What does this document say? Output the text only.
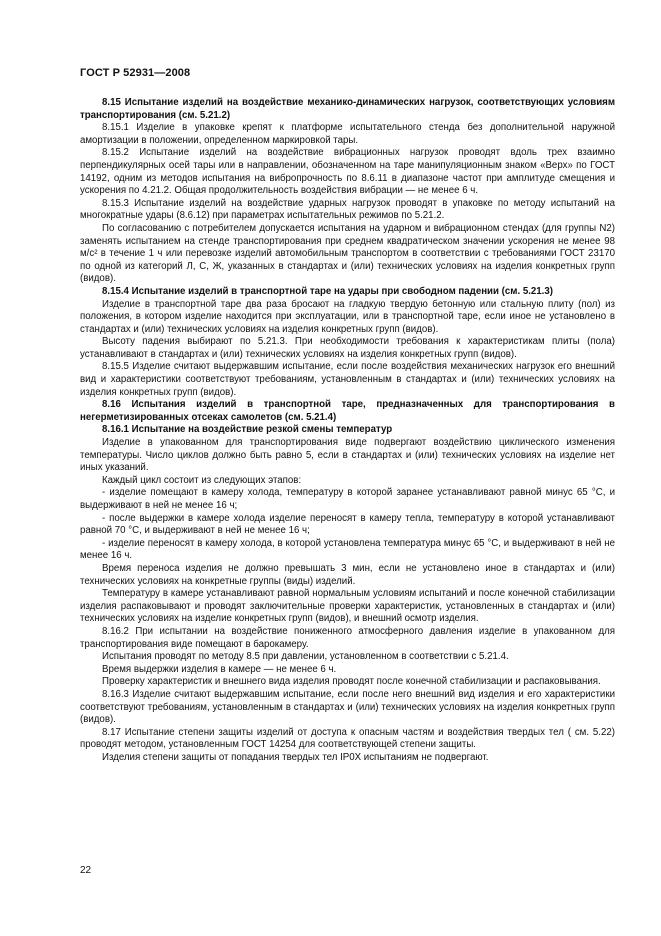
ГОСТ Р 52931—2008

8.15 Испытание изделий на воздействие механико-динамических нагрузок, соответствующих условиям транспортирования (см. 5.21.2)

8.15.1 Изделие в упаковке крепят к платформе испытательного стенда без дополнительной наружной амортизации в положении, определенном маркировкой тары.

8.15.2 Испытание изделий на воздействие вибрационных нагрузок проводят вдоль трех взаимно перпендикулярных осей тары или в направлении, обозначенном на таре манипуляционным знаком «Верх» по ГОСТ 14192, одним из методов испытания на вибропрочность по 8.6.11 в диапазоне частот при амплитуде смещения и ускорения по 4.21.2. Общая продолжительность воздействия вибрации — не менее 6 ч.

8.15.3 Испытание изделий на воздействие ударных нагрузок проводят в упаковке по методу испытаний на многократные удары (8.6.12) при параметрах испытательных режимов по 5.21.2.

По согласованию с потребителем допускается испытания на ударном и вибрационном стендах (для группы N2) заменять испытанием на стенде транспортирования при среднем квадратическом значении ускорения не менее 98 м/с² в течение 1 ч или перевозке изделий автомобильным транспортом в соответствии с требованиями ГОСТ 23170 по одной из категорий Л, С, Ж, указанных в стандартах и (или) технических условиях на изделия конкретных групп (видов).

8.15.4 Испытание изделий в транспортной таре на удары при свободном падении (см. 5.21.3)

Изделие в транспортной таре два раза бросают на гладкую твердую бетонную или стальную плиту (пол) из положения, в котором изделие находится при эксплуатации, или в транспортной таре, если иное не установлено в стандартах и (или) технических условиях на изделия конкретных групп (видов).

Высоту падения выбирают по 5.21.3. При необходимости требования к характеристикам плиты (пола) устанавливают в стандартах и (или) технических условиях на изделия конкретных групп (видов).

8.15.5 Изделие считают выдержавшим испытание, если после воздействия механических нагрузок его внешний вид и характеристики соответствуют требованиям, установленным в стандартах и (или) технических условиях на изделия конкретных групп (видов).

8.16 Испытания изделий в транспортной таре, предназначенных для транспортирования в негерметизированных отсеках самолетов (см. 5.21.4)

8.16.1 Испытание на воздействие резкой смены температур

Изделие в упакованном для транспортирования виде подвергают воздействию циклического изменения температуры. Число циклов должно быть равно 5, если в стандартах и (или) технических условиях на изделие нет иных указаний.

Каждый цикл состоит из следующих этапов:

- изделие помещают в камеру холода, температуру в которой заранее устанавливают равной минус 65 °С, и выдерживают в ней не менее 16 ч;

- после выдержки в камере холода изделие переносят в камеру тепла, температуру в которой устанавливают равной 70 °С, и выдерживают в ней не менее 16 ч;

- изделие переносят в камеру холода, в которой установлена температура минус 65 °С, и выдерживают в ней не менее 16 ч.

Время переноса изделия не должно превышать 3 мин, если не установлено иное в стандартах и (или) технических условиях на конкретные группы (виды) изделий.

Температуру в камере устанавливают равной нормальным условиям испытаний и после конечной стабилизации изделия распаковывают и проводят заключительные проверки характеристик, установленных в стандартах и (или) технических условиях на изделие конкретных групп (видов), и внешний осмотр изделия.

8.16.2 При испытании на воздействие пониженного атмосферного давления изделие в упакованном для транспортирования виде помещают в барокамеру.

Испытания проводят по методу 8.5 при давлении, установленном в соответствии с 5.21.4.

Время выдержки изделия в камере — не менее 6 ч.

Проверку характеристик и внешнего вида изделия проводят после конечной стабилизации и распаковывания.

8.16.3 Изделие считают выдержавшим испытание, если после него внешний вид изделия и его характеристики соответствуют требованиям, установленным в стандартах и (или) технических условиях на изделия конкретных групп (видов).

8.17 Испытание степени защиты изделий от доступа к опасным частям и воздействия твердых тел ( см. 5.22) проводят методом, установленным ГОСТ 14254 для соответствующей степени защиты.

Изделия степени защиты от попадания твердых тел IP0X испытаниям не подвергают.

22
